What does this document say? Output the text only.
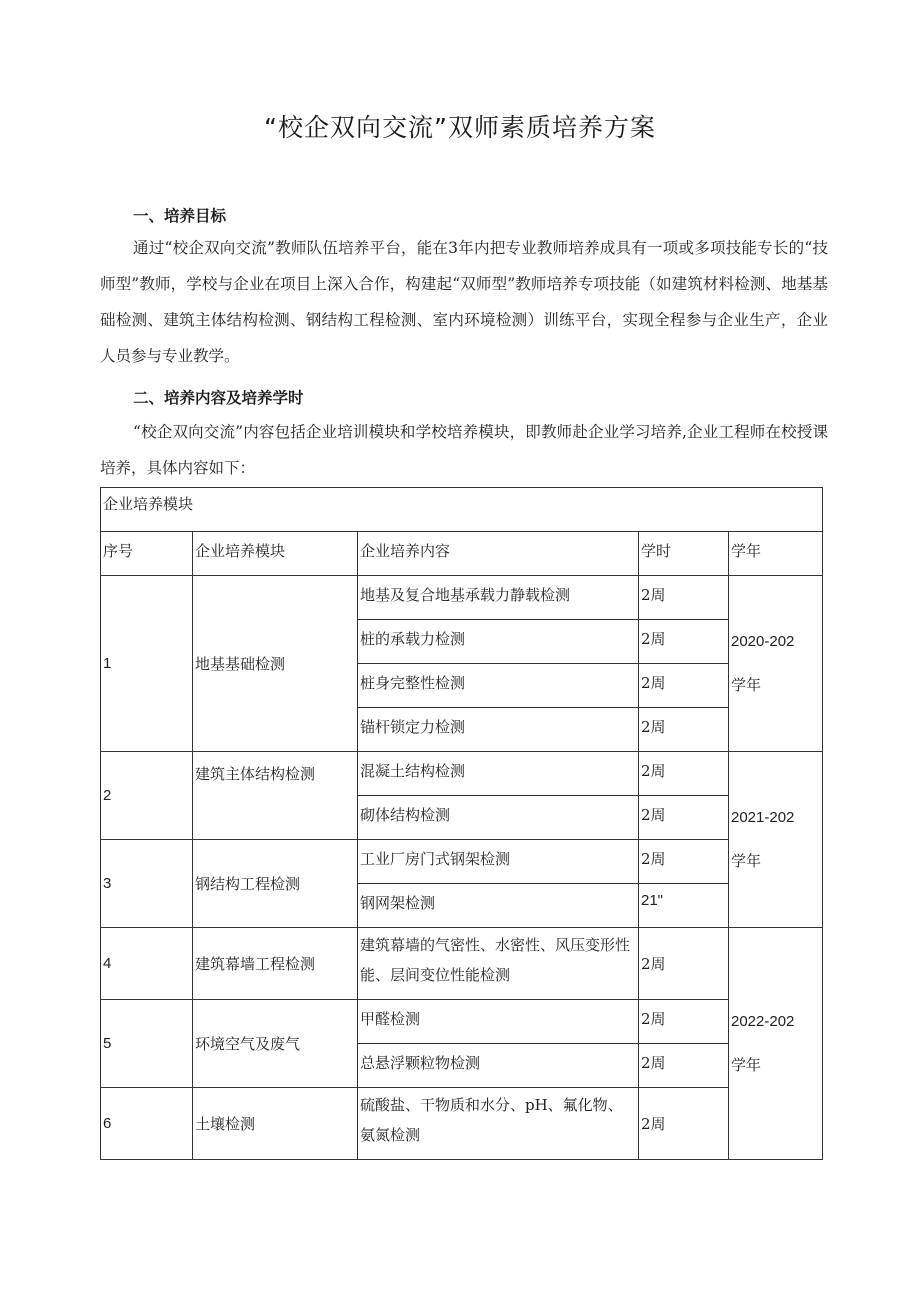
“校企双向交流”双师素质培养方案
一、培养目标
通过“校企双向交流”教师队伍培养平台，能在3年内把专业教师培养成具有一项或多项技能专长的“技师型”教师，学校与企业在项目上深入合作，构建起“双师型”教师培养专项技能（如建筑材料检测、地基基础检测、建筑主体结构检测、钢结构工程检测、室内环境检测）训练平台，实现全程参与企业生产，企业人员参与专业教学。
二、培养内容及培养学时
“校企双向交流”内容包括企业培训模块和学校培养模块，即教师赴企业学习培养,企业工程师在校授课培养，具体内容如下：
企业培养模块				

序号	企业培养模块	企业培养内容	学时	学年

1	地基基础检测	地基及复合地基承载力静载检测	2周	2020-202
学年

		桩的承载力检测	2周	

		桩身完整性检测	2周	

		锚杆锁定力检测	2周	

2	建筑主体结构检测	混凝土结构检测	2周	2021-202
学年

		砌体结构检测	2周	

3	钢结构工程检测	工业厂房门式钢架检测	2周	

		钢网架检测	21"	

4	建筑幕墙工程检测	建筑幕墙的气密性、水密性、风压变形性能、层间变位性能检测	2周	2022-202
学年

5	环境空气及废气	甲醛检测	2周	

		总悬浮颗粒物检测	2周	

6	土壤检测	硫酸盐、干物质和水分、pH、氟化物、氨氮检测	2周	
